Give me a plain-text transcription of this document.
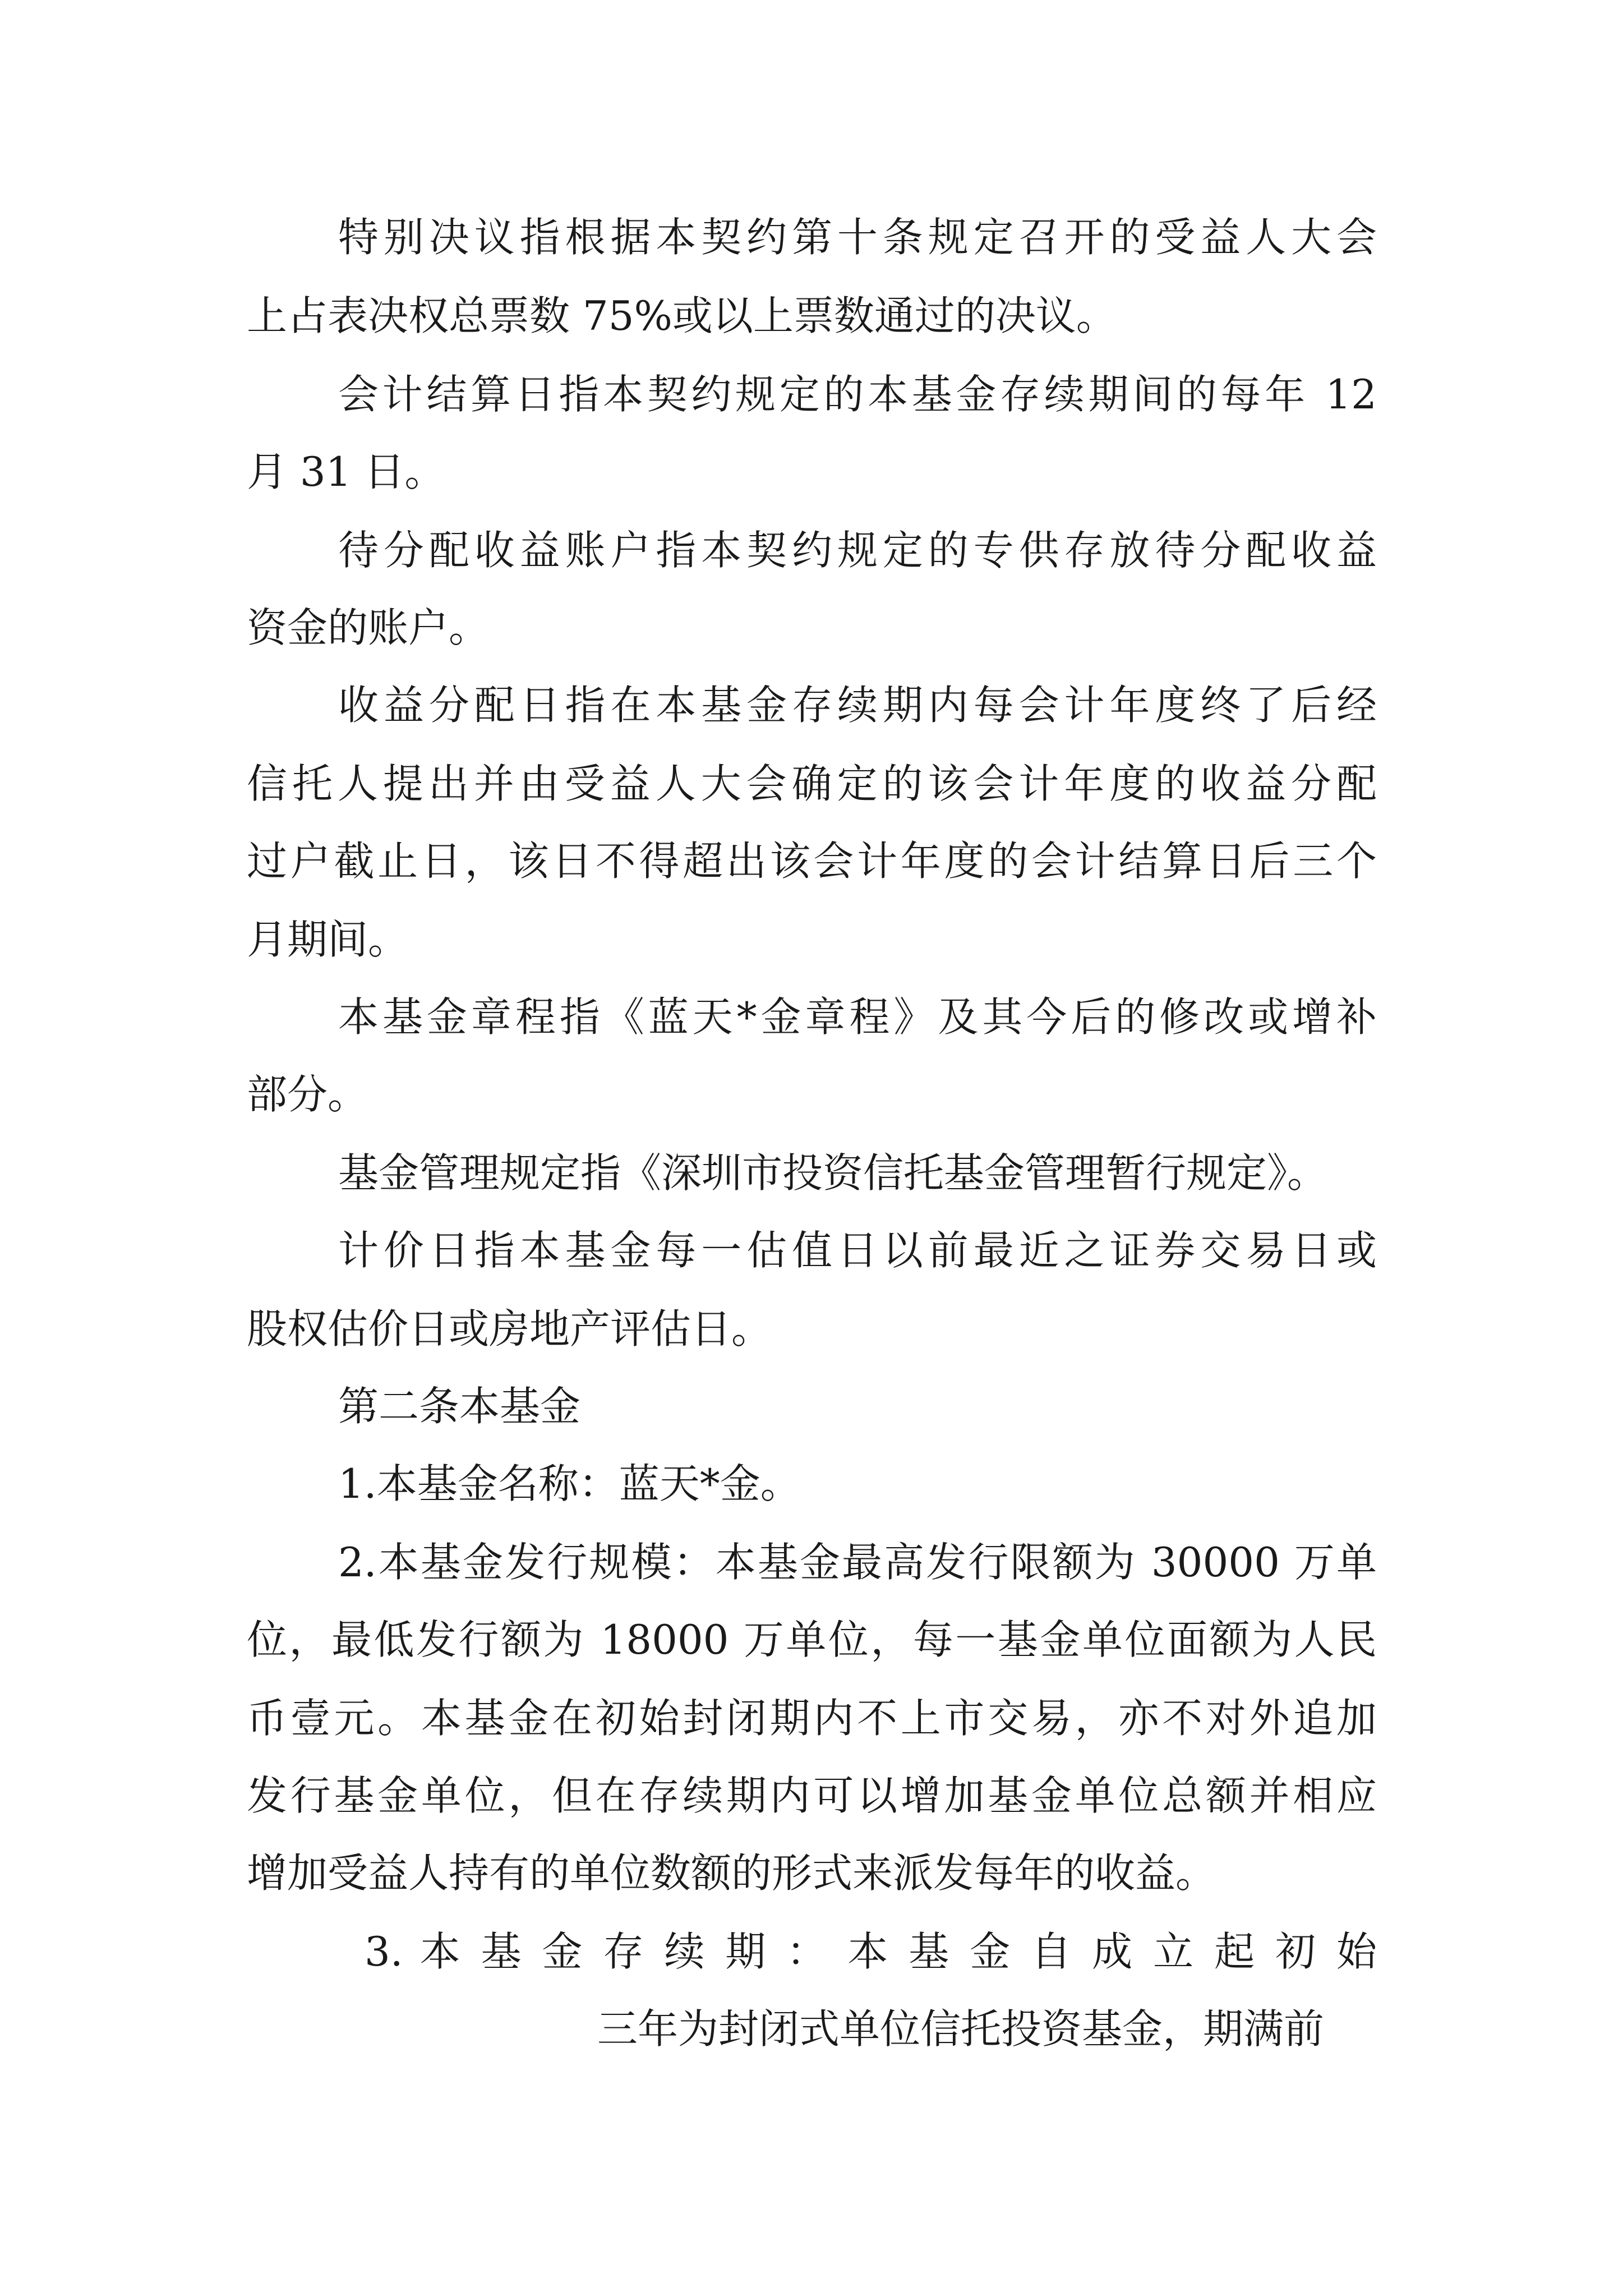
特别决议指根据本契约第十条规定召开的受益人大会
上占表决权总票数 75%或以上票数通过的决议。
会计结算日指本契约规定的本基金存续期间的每年 12
月 31 日。
待分配收益账户指本契约规定的专供存放待分配收益
资金的账户。
收益分配日指在本基金存续期内每会计年度终了后经
信托人提出并由受益人大会确定的该会计年度的收益分配
过户截止日，该日不得超出该会计年度的会计结算日后三个
月期间。
本基金章程指《蓝天*金章程》及其今后的修改或增补
部分。
基金管理规定指《深圳市投资信托基金管理暂行规定》。
计价日指本基金每一估值日以前最近之证券交易日或
股权估价日或房地产评估日。
第二条本基金
1.本基金名称：蓝天*金。
2.本基金发行规模：本基金最高发行限额为 30000 万单
位，最低发行额为 18000 万单位，每一基金单位面额为人民
币壹元。本基金在初始封闭期内不上市交易，亦不对外追加
发行基金单位，但在存续期内可以增加基金单位总额并相应
增加受益人持有的单位数额的形式来派发每年的收益。
3. 本 基 金 存 续 期 ： 本 基 金 自 成 立 起 初 始
三年为封闭式单位信托投资基金，期满前
